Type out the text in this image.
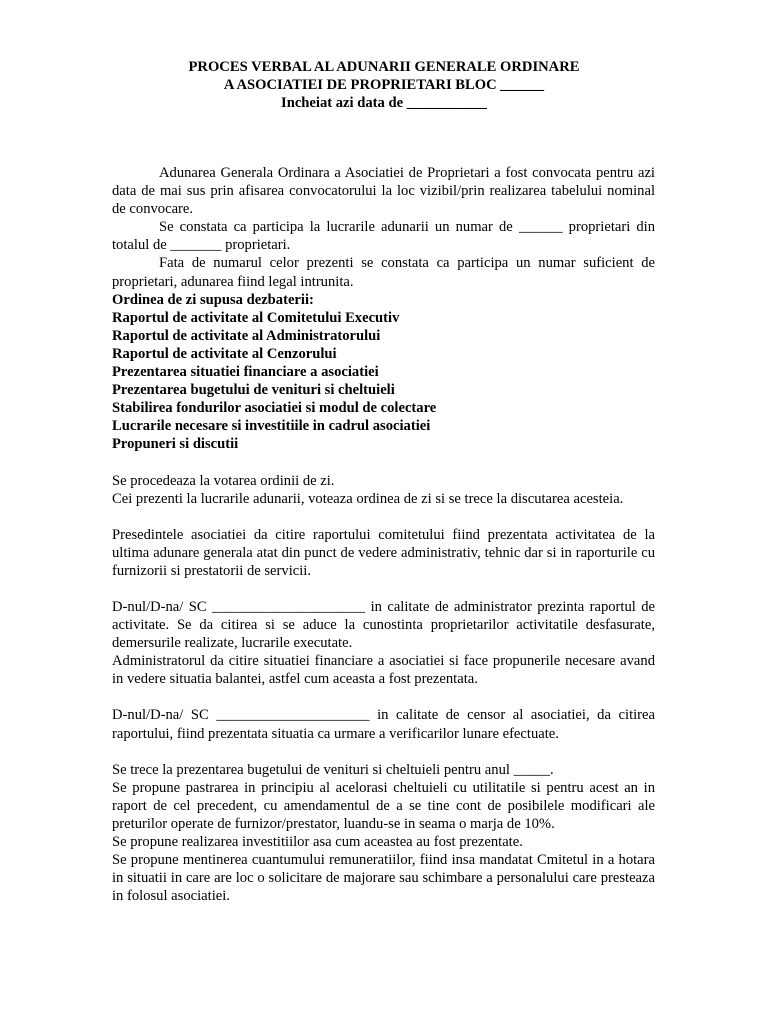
PROCES VERBAL AL ADUNARII GENERALE ORDINARE
A ASOCIATIEI DE PROPRIETARI BLOC ______
Incheiat azi data de ___________

Adunarea Generala Ordinara a Asociatiei de Proprietari a fost convocata pentru azi data de mai sus prin afisarea convocatorului la loc vizibil/prin realizarea tabelului nominal de convocare.

Se constata ca participa la lucrarile adunarii un numar de ______ proprietari din totalul de _______ proprietari.

Fata de numarul celor prezenti se constata ca participa un numar suficient de proprietari, adunarea fiind legal intrunita.

Ordinea de zi supusa dezbaterii:

Raportul de activitate al Comitetului Executiv

Raportul de activitate al Administratorului

Raportul de activitate al Cenzorului

Prezentarea situatiei financiare a asociatiei

Prezentarea bugetului de venituri si cheltuieli

Stabilirea fondurilor asociatiei si modul de colectare

Lucrarile necesare si investitiile in cadrul asociatiei

Propuneri si discutii

Se procedeaza la votarea ordinii de zi.

Cei prezenti la lucrarile adunarii, voteaza ordinea de zi si se trece la discutarea acesteia.

Presedintele asociatiei da citire raportului comitetului fiind prezentata activitatea de la ultima adunare generala atat din punct de vedere administrativ, tehnic dar si in raporturile cu furnizorii si prestatorii de servicii.

D-nul/D-na/ SC _____________________ in calitate de administrator prezinta raportul de activitate. Se da citirea si se aduce la cunostinta proprietarilor activitatile desfasurate, demersurile realizate, lucrarile executate.

Administratorul da citire situatiei financiare a asociatiei si face propunerile necesare avand in vedere situatia balantei, astfel cum aceasta a fost prezentata.

D-nul/D-na/ SC _____________________ in calitate de censor al asociatiei, da citirea raportului, fiind prezentata situatia ca urmare a verificarilor lunare efectuate.

Se trece la prezentarea bugetului de venituri si cheltuieli pentru anul _____.

Se propune pastrarea in principiu al acelorasi cheltuieli cu utilitatile si pentru acest an in raport de cel precedent, cu amendamentul de a se tine cont de posibilele modificari ale preturilor operate de furnizor/prestator, luandu-se in seama o marja de 10%.

Se propune realizarea investitiilor asa cum aceastea au fost prezentate.

Se propune mentinerea cuantumului remuneratiilor, fiind insa mandatat Cmitetul in a hotara in situatii in care are loc o solicitare de majorare sau schimbare a personalului care presteaza in folosul asociatiei.
